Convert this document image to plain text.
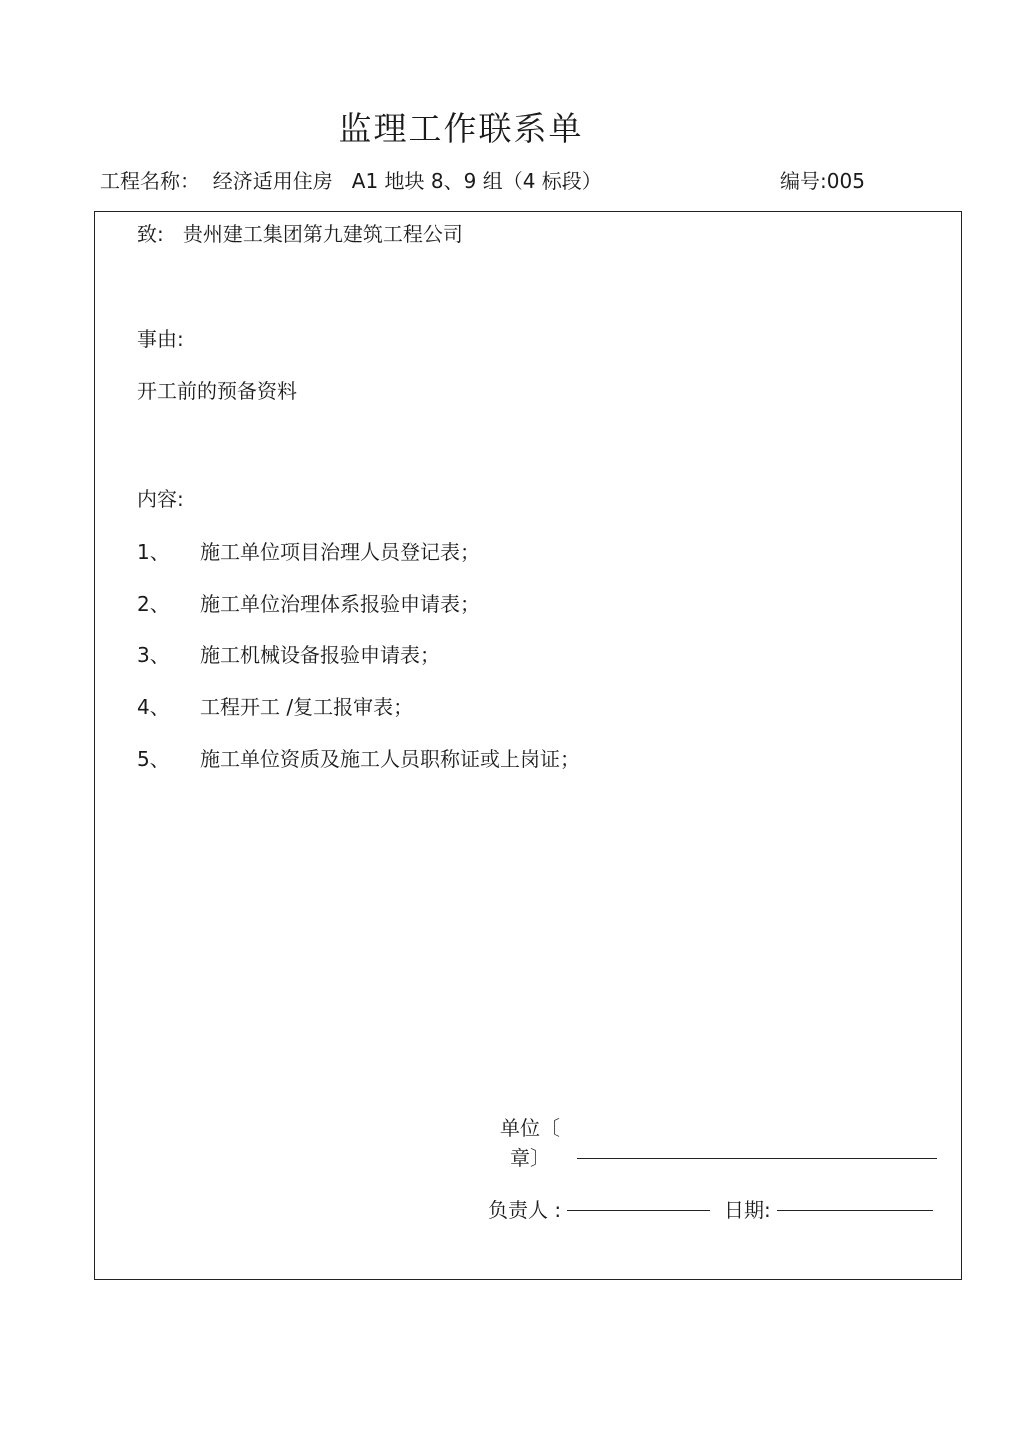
监理工作联系单
工程名称： 经济适用住房   A1 地块 8、9 组（4 标段）	编号:005
致: 贵州建工集团第九建筑工程公司
事由:
开工前的预备资料
内容:
1、 施工单位项目治理人员登记表；
2、 施工单位治理体系报验申请表；
3、 施工机械设备报验申请表；
4、 工程开工 /复工报审表；
5、 施工单位资质及施工人员职称证或上岗证；
单位〔
章〕
负责人 :	日期:
